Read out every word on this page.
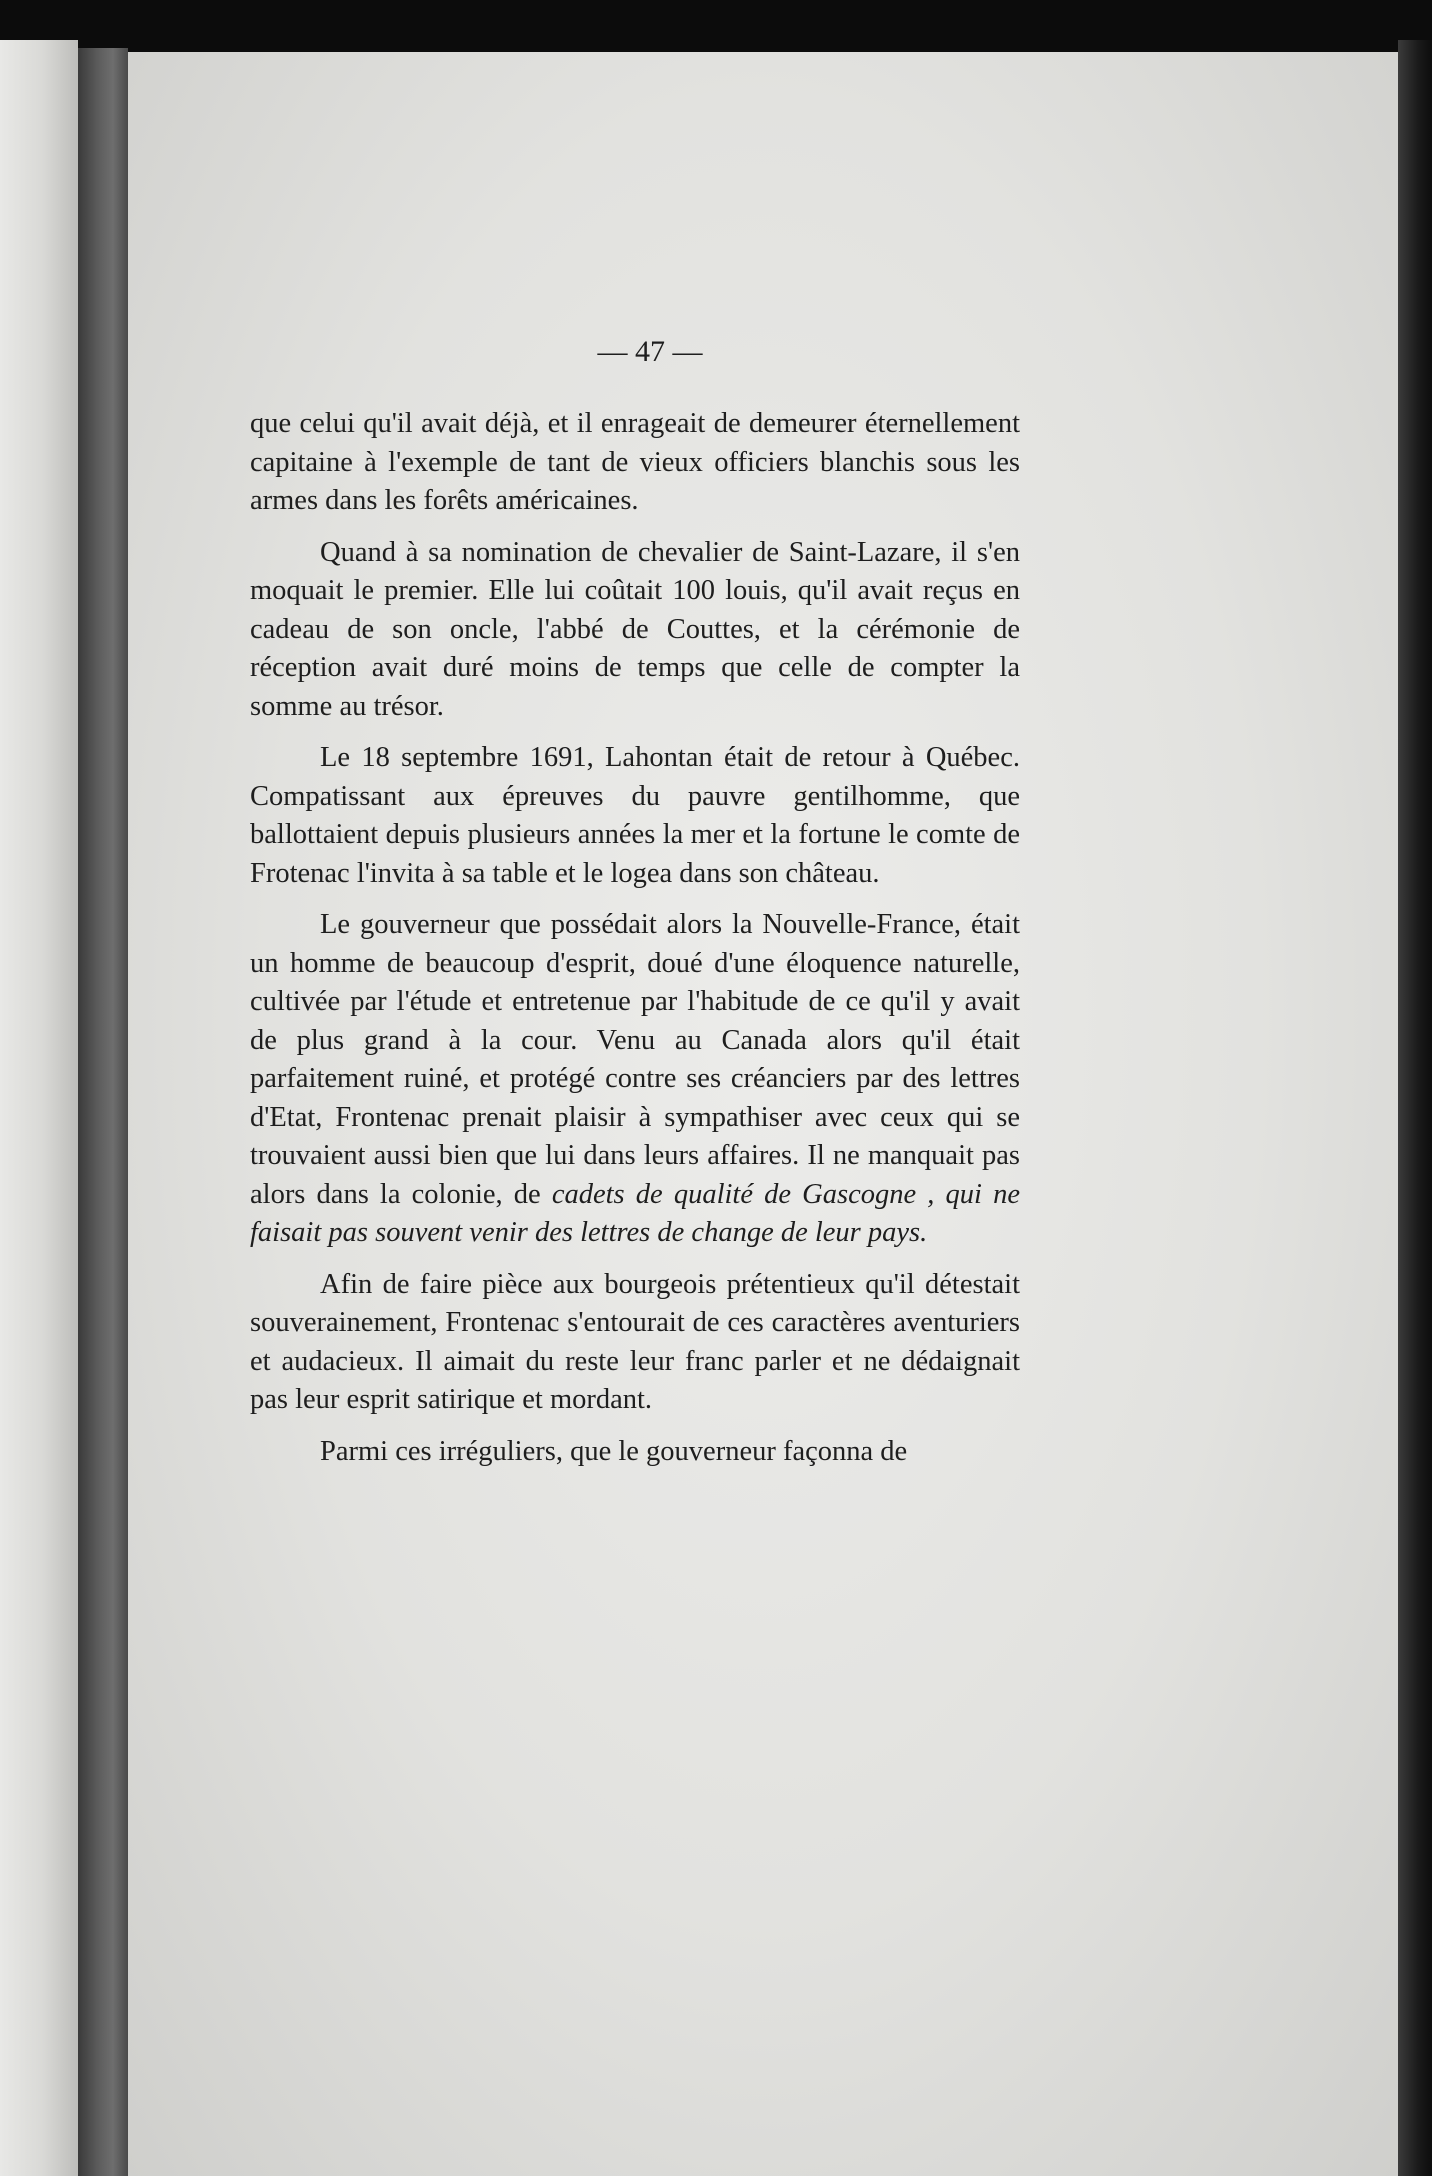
— 47 —

que celui qu'il avait déjà, et il enrageait de demeurer éternellement capitaine à l'exemple de tant de vieux officiers blanchis sous les armes dans les forêts américaines.

Quand à sa nomination de chevalier de Saint-Lazare, il s'en moquait le premier. Elle lui coûtait 100 louis, qu'il avait reçus en cadeau de son oncle, l'abbé de Couttes, et la cérémonie de réception avait duré moins de temps que celle de compter la somme au trésor.

Le 18 septembre 1691, Lahontan était de retour à Québec. Compatissant aux épreuves du pauvre gentilhomme, que ballottaient depuis plusieurs années la mer et la fortune le comte de Frotenac l'invita à sa table et le logea dans son château.

Le gouverneur que possédait alors la Nouvelle-France, était un homme de beaucoup d'esprit, doué d'une éloquence naturelle, cultivée par l'étude et entretenue par l'habitude de ce qu'il y avait de plus grand à la cour. Venu au Canada alors qu'il était parfaitement ruiné, et protégé contre ses créanciers par des lettres d'Etat, Frontenac prenait plaisir à sympathiser avec ceux qui se trouvaient aussi bien que lui dans leurs affaires. Il ne manquait pas alors dans la colonie, de cadets de qualité de Gascogne , qui ne faisait pas souvent venir des lettres de change de leur pays.

Afin de faire pièce aux bourgeois prétentieux qu'il détestait souverainement, Frontenac s'entourait de ces caractères aventuriers et audacieux. Il aimait du reste leur franc parler et ne dédaignait pas leur esprit satirique et mordant.

Parmi ces irréguliers, que le gouverneur façonna de
